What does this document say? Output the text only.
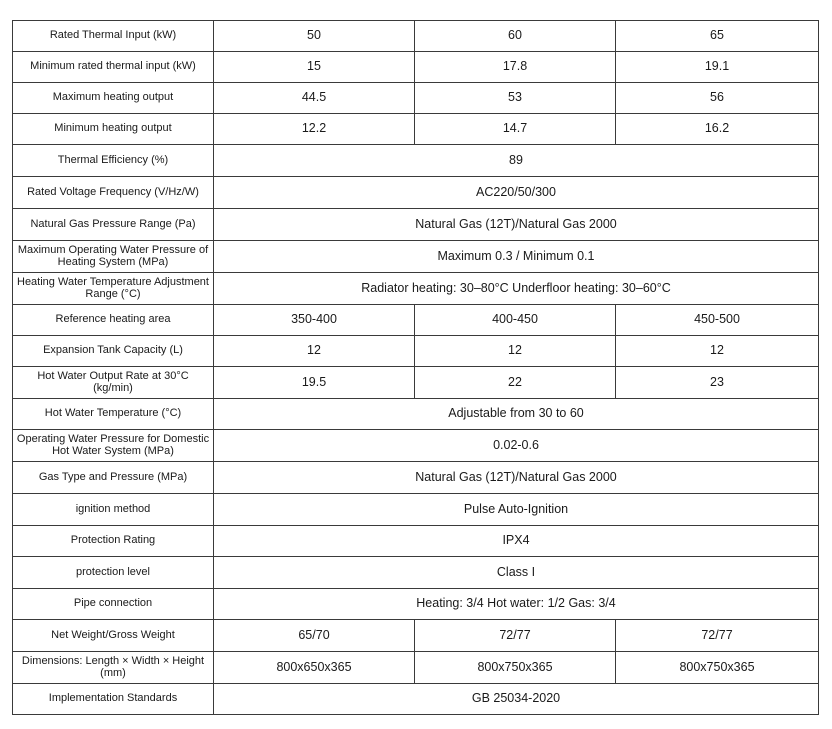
Rated Thermal Input (kW)	50	60	65
Minimum rated thermal input (kW)	15	17.8	19.1
Maximum heating output	44.5	53	56
Minimum heating output	12.2	14.7	16.2
Thermal Efficiency (%)	89		
Rated Voltage Frequency (V/Hz/W)	AC220/50/300		
Natural Gas Pressure Range (Pa)	Natural Gas (12T)/Natural Gas 2000		
Maximum Operating Water Pressure of Heating System (MPa)	Maximum 0.3 / Minimum 0.1		
Heating Water Temperature Adjustment Range (°C)	Radiator heating: 30–80°C Underfloor heating: 30–60°C		
Reference heating area	350-400	400-450	450-500
Expansion Tank Capacity (L)	12	12	12
Hot Water Output Rate at 30°C (kg/min)	19.5	22	23
Hot Water Temperature (°C)	Adjustable from 30 to 60		
Operating Water Pressure for Domestic Hot Water System (MPa)	0.02-0.6		
Gas Type and Pressure (MPa)	Natural Gas (12T)/Natural Gas 2000		
ignition method	Pulse Auto-Ignition		
Protection Rating	IPX4		
protection level	Class I		
Pipe connection	Heating: 3/4 Hot water: 1/2 Gas: 3/4		
Net Weight/Gross Weight	65/70	72/77	72/77
Dimensions: Length × Width × Height (mm)	800x650x365	800x750x365	800x750x365
Implementation Standards	GB 25034-2020		
